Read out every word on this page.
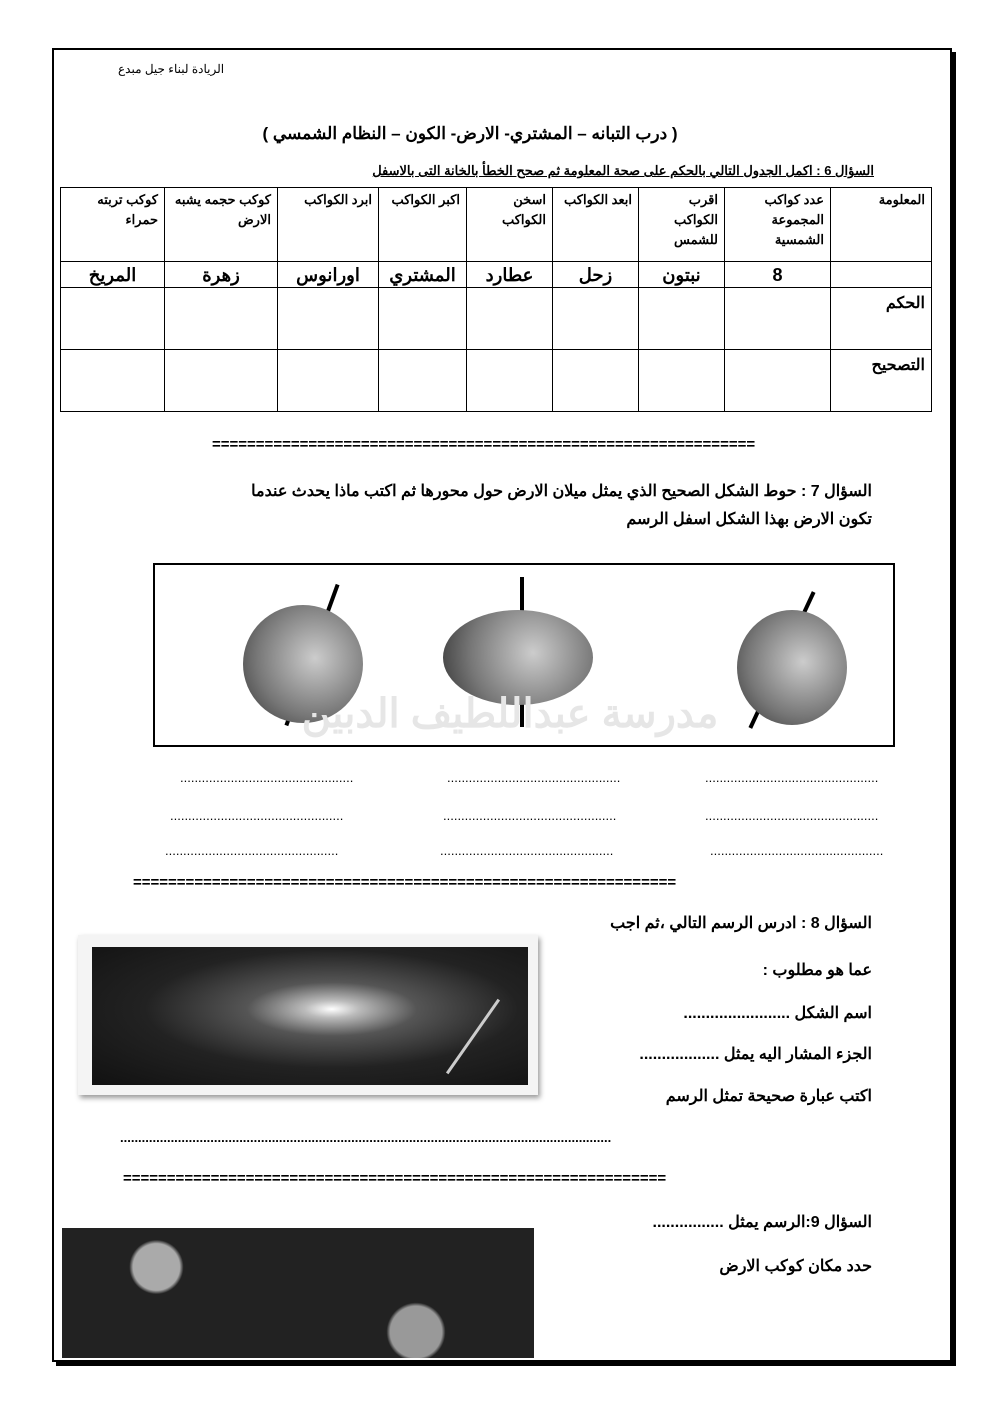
الريادة لبناء جيل مبدع
( درب التبانه – المشتري- الارض- الكون – النظام الشمسي )
السؤال 6 : اكمل الجدول التالي بالحكم على صحة المعلومة ثم صحح الخطأ بالخانة التى بالاسفل
المعلومة	عدد كواكب المجموعة الشمسية	اقرب الكواكب للشمس	ابعد الكواكب	اسخن الكواكب	اكبر الكواكب	ابرد الكواكب	كوكب حجمه يشبه الارض	كوكب تربته حمراء
	8	نبتون	زحل	عطارد	المشتري	اورانوس	زهرة	المريخ
الحكم								
التصحيح								
==============================================================
السؤال 7 : حوط الشكل الصحيح الذي يمثل ميلان الارض حول محورها ثم اكتب ماذا يحدث عندما
تكون الارض بهذا الشكل اسفل الرسم
مدرسة عبداللطيف الدبين
................................................	................................................	................................................
................................................	................................................	................................................
................................................	................................................	................................................
==============================================================
السؤال 8 : ادرس الرسم التالي ،ثم اجب
عما هو مطلوب :
اسم الشكل ........................
الجزء المشار اليه يمثل ..................
اكتب عبارة صحيحة تمثل الرسم
........................................................................................................................................
==============================================================
السؤال 9:الرسم يمثل ................
حدد مكان كوكب الارض
